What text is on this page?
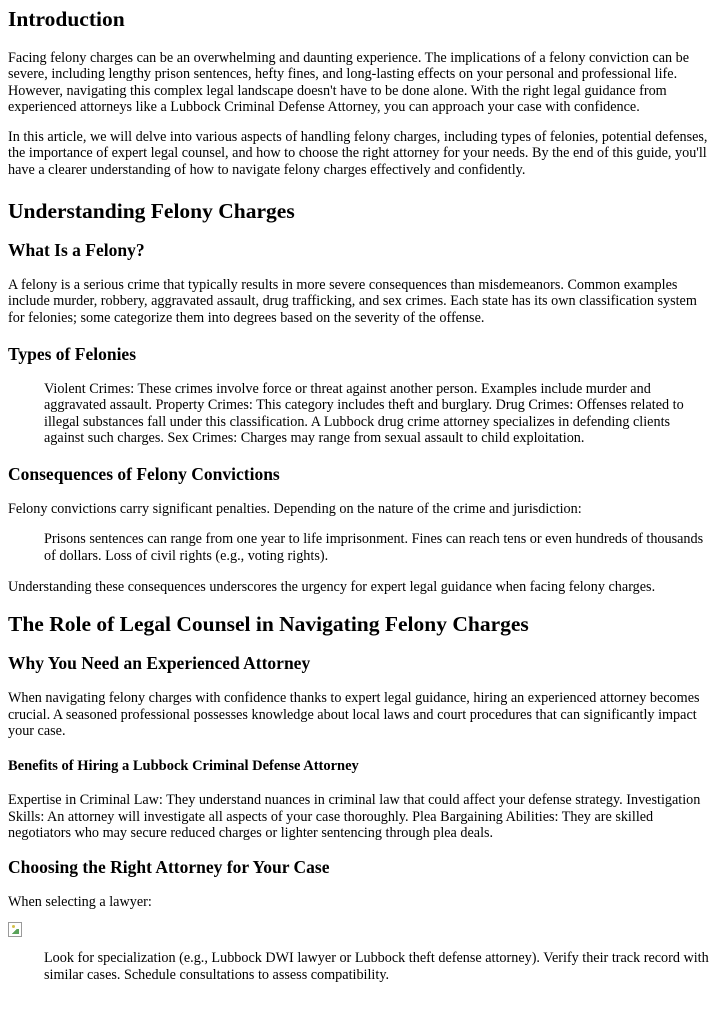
Introduction

Facing felony charges can be an overwhelming and daunting experience. The implications of a felony conviction can be severe, including lengthy prison sentences, hefty fines, and long-lasting effects on your personal and professional life. However, navigating this complex legal landscape doesn't have to be done alone. With the right legal guidance from experienced attorneys like a Lubbock Criminal Defense Attorney, you can approach your case with confidence.

In this article, we will delve into various aspects of handling felony charges, including types of felonies, potential defenses, the importance of expert legal counsel, and how to choose the right attorney for your needs. By the end of this guide, you'll have a clearer understanding of how to navigate felony charges effectively and confidently.

Understanding Felony Charges
What Is a Felony?

A felony is a serious crime that typically results in more severe consequences than misdemeanors. Common examples include murder, robbery, aggravated assault, drug trafficking, and sex crimes. Each state has its own classification system for felonies; some categorize them into degrees based on the severity of the offense.

Types of Felonies
Violent Crimes: These crimes involve force or threat against another person. Examples include murder and aggravated assault. Property Crimes: This category includes theft and burglary. Drug Crimes: Offenses related to illegal substances fall under this classification. A Lubbock drug crime attorney specializes in defending clients against such charges. Sex Crimes: Charges may range from sexual assault to child exploitation.
Consequences of Felony Convictions

Felony convictions carry significant penalties. Depending on the nature of the crime and jurisdiction:

Prisons sentences can range from one year to life imprisonment. Fines can reach tens or even hundreds of thousands of dollars. Loss of civil rights (e.g., voting rights).

Understanding these consequences underscores the urgency for expert legal guidance when facing felony charges.

The Role of Legal Counsel in Navigating Felony Charges
Why You Need an Experienced Attorney

When navigating felony charges with confidence thanks to expert legal guidance, hiring an experienced attorney becomes crucial. A seasoned professional possesses knowledge about local laws and court procedures that can significantly impact your case.

Benefits of Hiring a Lubbock Criminal Defense Attorney

Expertise in Criminal Law: They understand nuances in criminal law that could affect your defense strategy. Investigation Skills: An attorney will investigate all aspects of your case thoroughly. Plea Bargaining Abilities: They are skilled negotiators who may secure reduced charges or lighter sentencing through plea deals.

Choosing the Right Attorney for Your Case

When selecting a lawyer:

Look for specialization (e.g., Lubbock DWI lawyer or Lubbock theft defense attorney). Verify their track record with similar cases. Schedule consultations to assess compatibility.
